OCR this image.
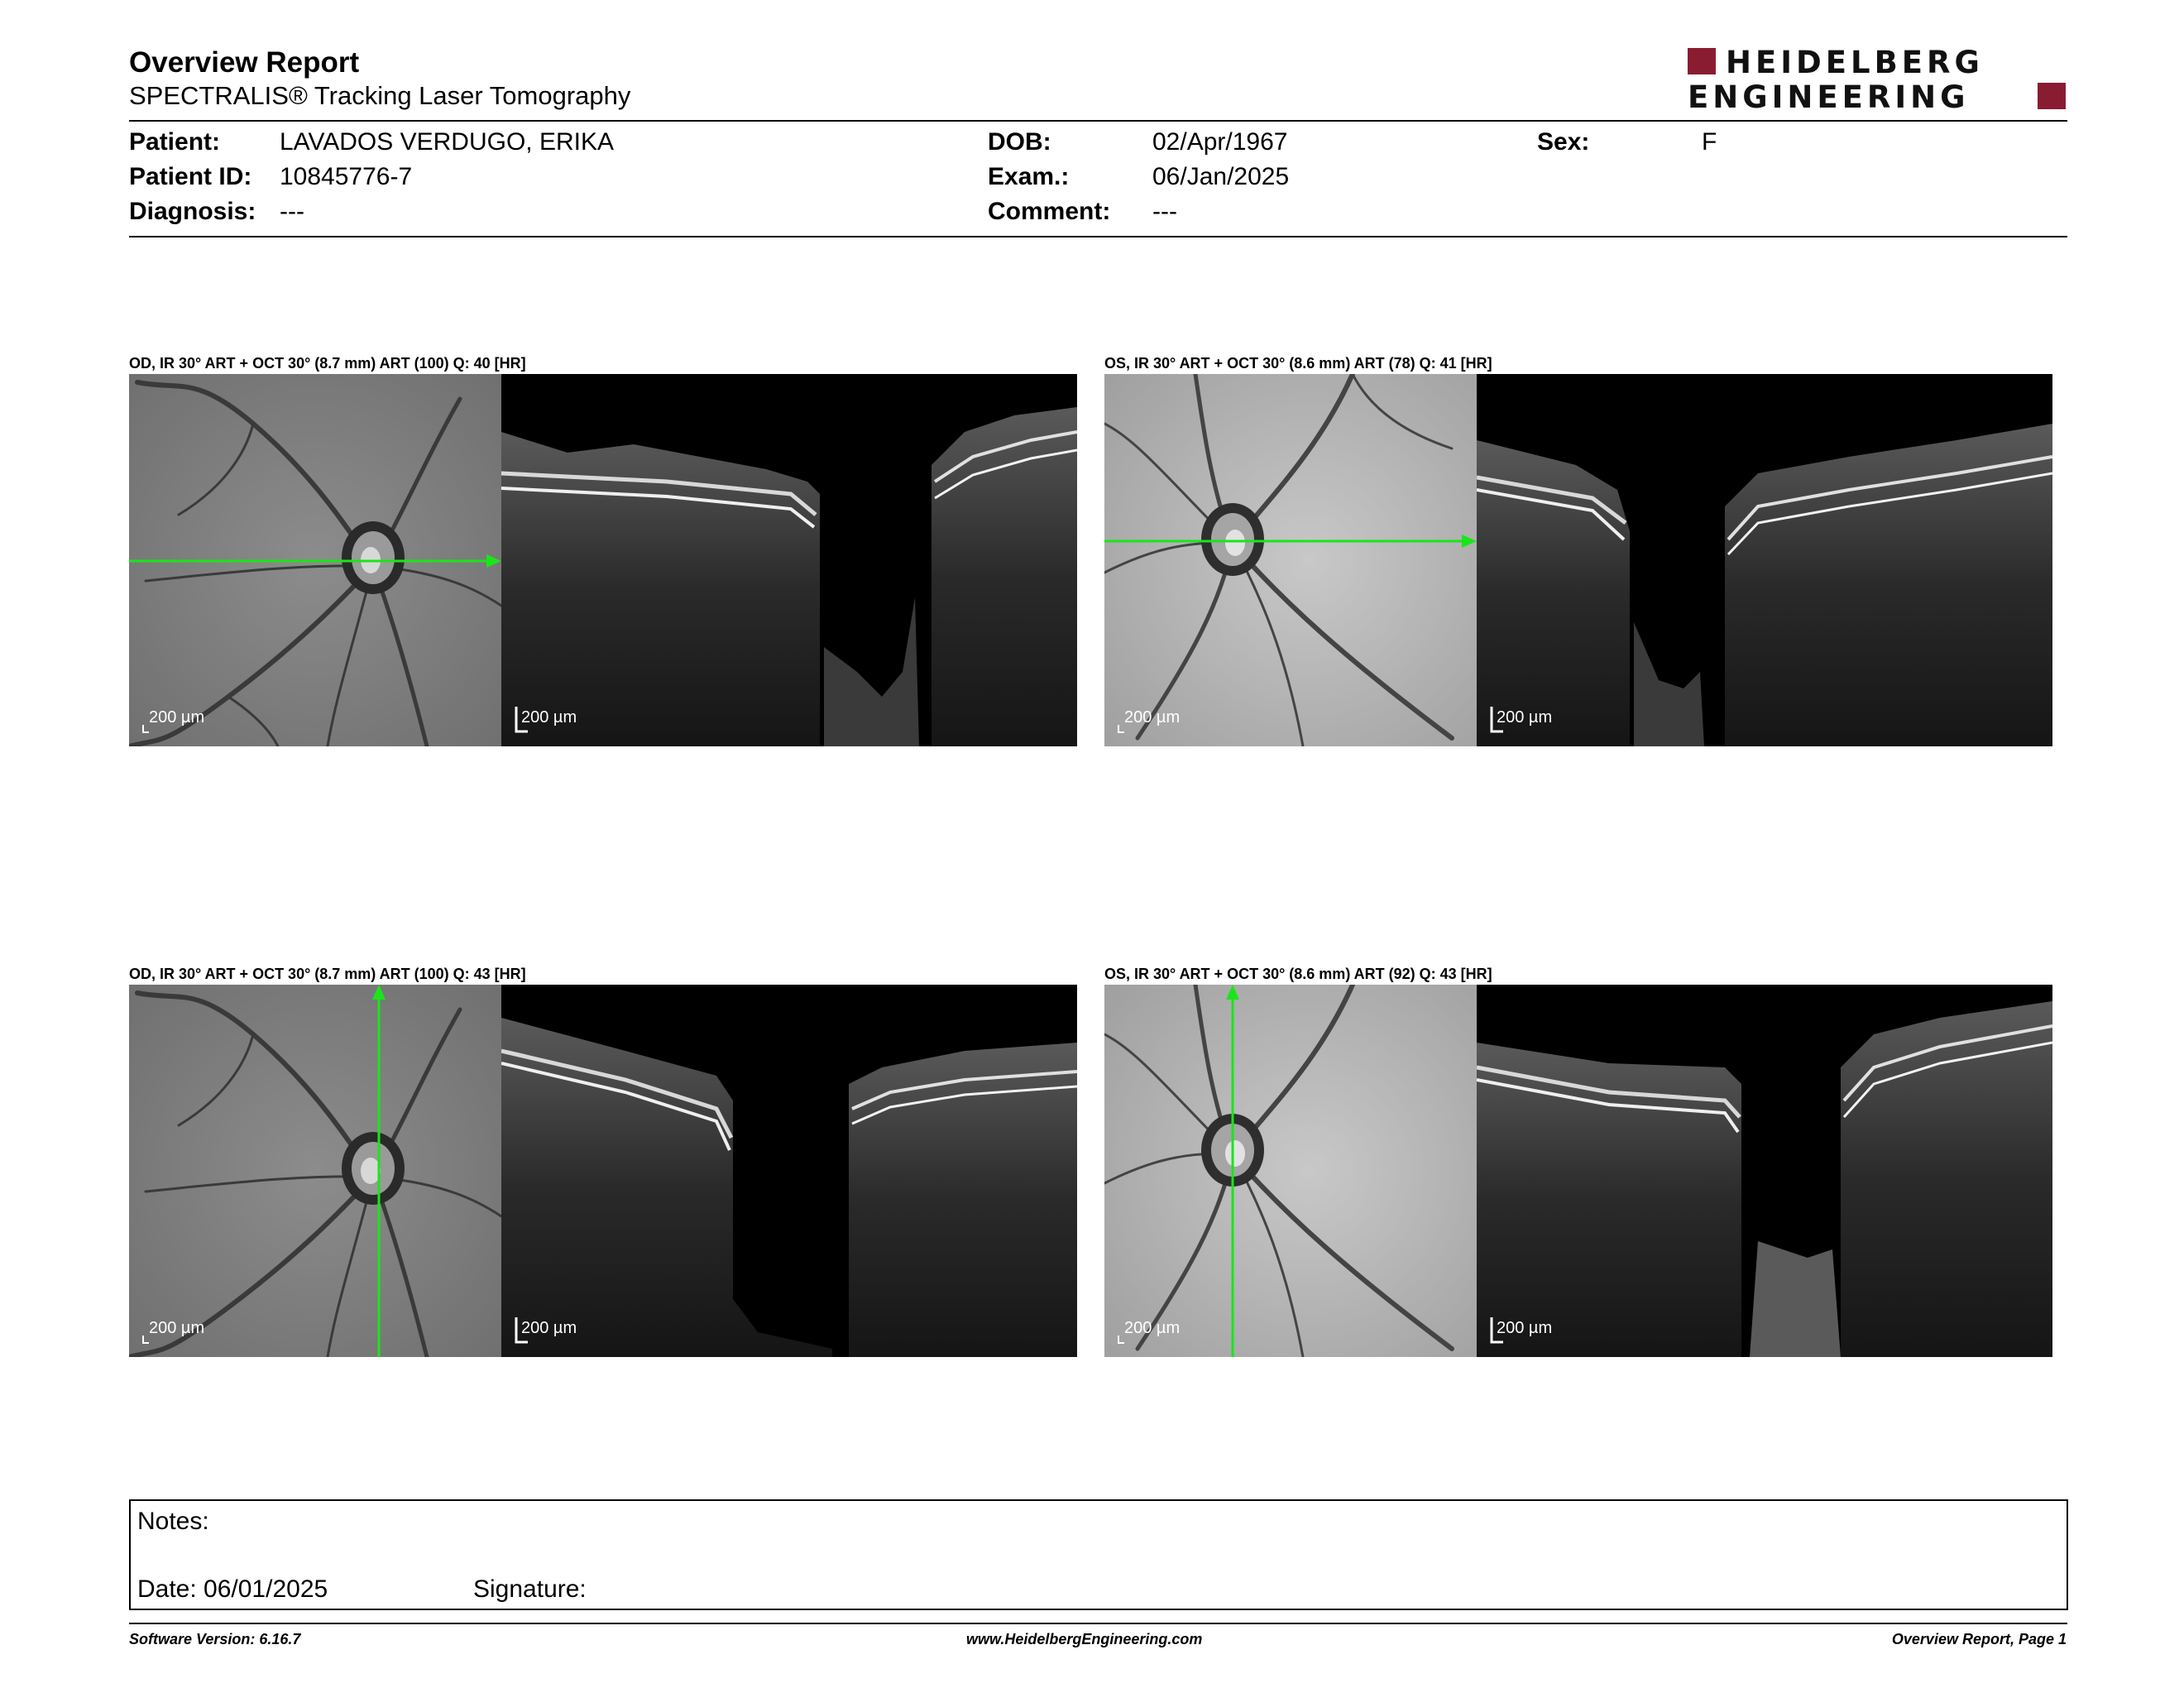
Overview Report
SPECTRALIS® Tracking Laser Tomography
HEIDELBERG
ENGINEERING
Patient: LAVADOS VERDUGO, ERIKA
Patient ID: 10845776-7
Diagnosis: ---
DOB:	02/Apr/1967
Exam.:	06/Jan/2025
Comment: ---
Sex:	F
OD, IR 30° ART + OCT 30° (8.7 mm) ART (100) Q: 40 [HR]	OS, IR 30° ART + OCT 30° (8.6 mm) ART (78) Q: 41 [HR]
OD, IR 30° ART + OCT 30° (8.7 mm) ART (100) Q: 43 [HR]	OS, IR 30° ART + OCT 30° (8.6 mm) ART (92) Q: 43 [HR]
200 µm	200 µm	200 µm	200 µm
200 µm	200 µm	200 µm	200 µm
Notes:
Date: 06/01/2025	Signature:
Software Version: 6.16.7	www.HeidelbergEngineering.com	Overview Report, Page 1
